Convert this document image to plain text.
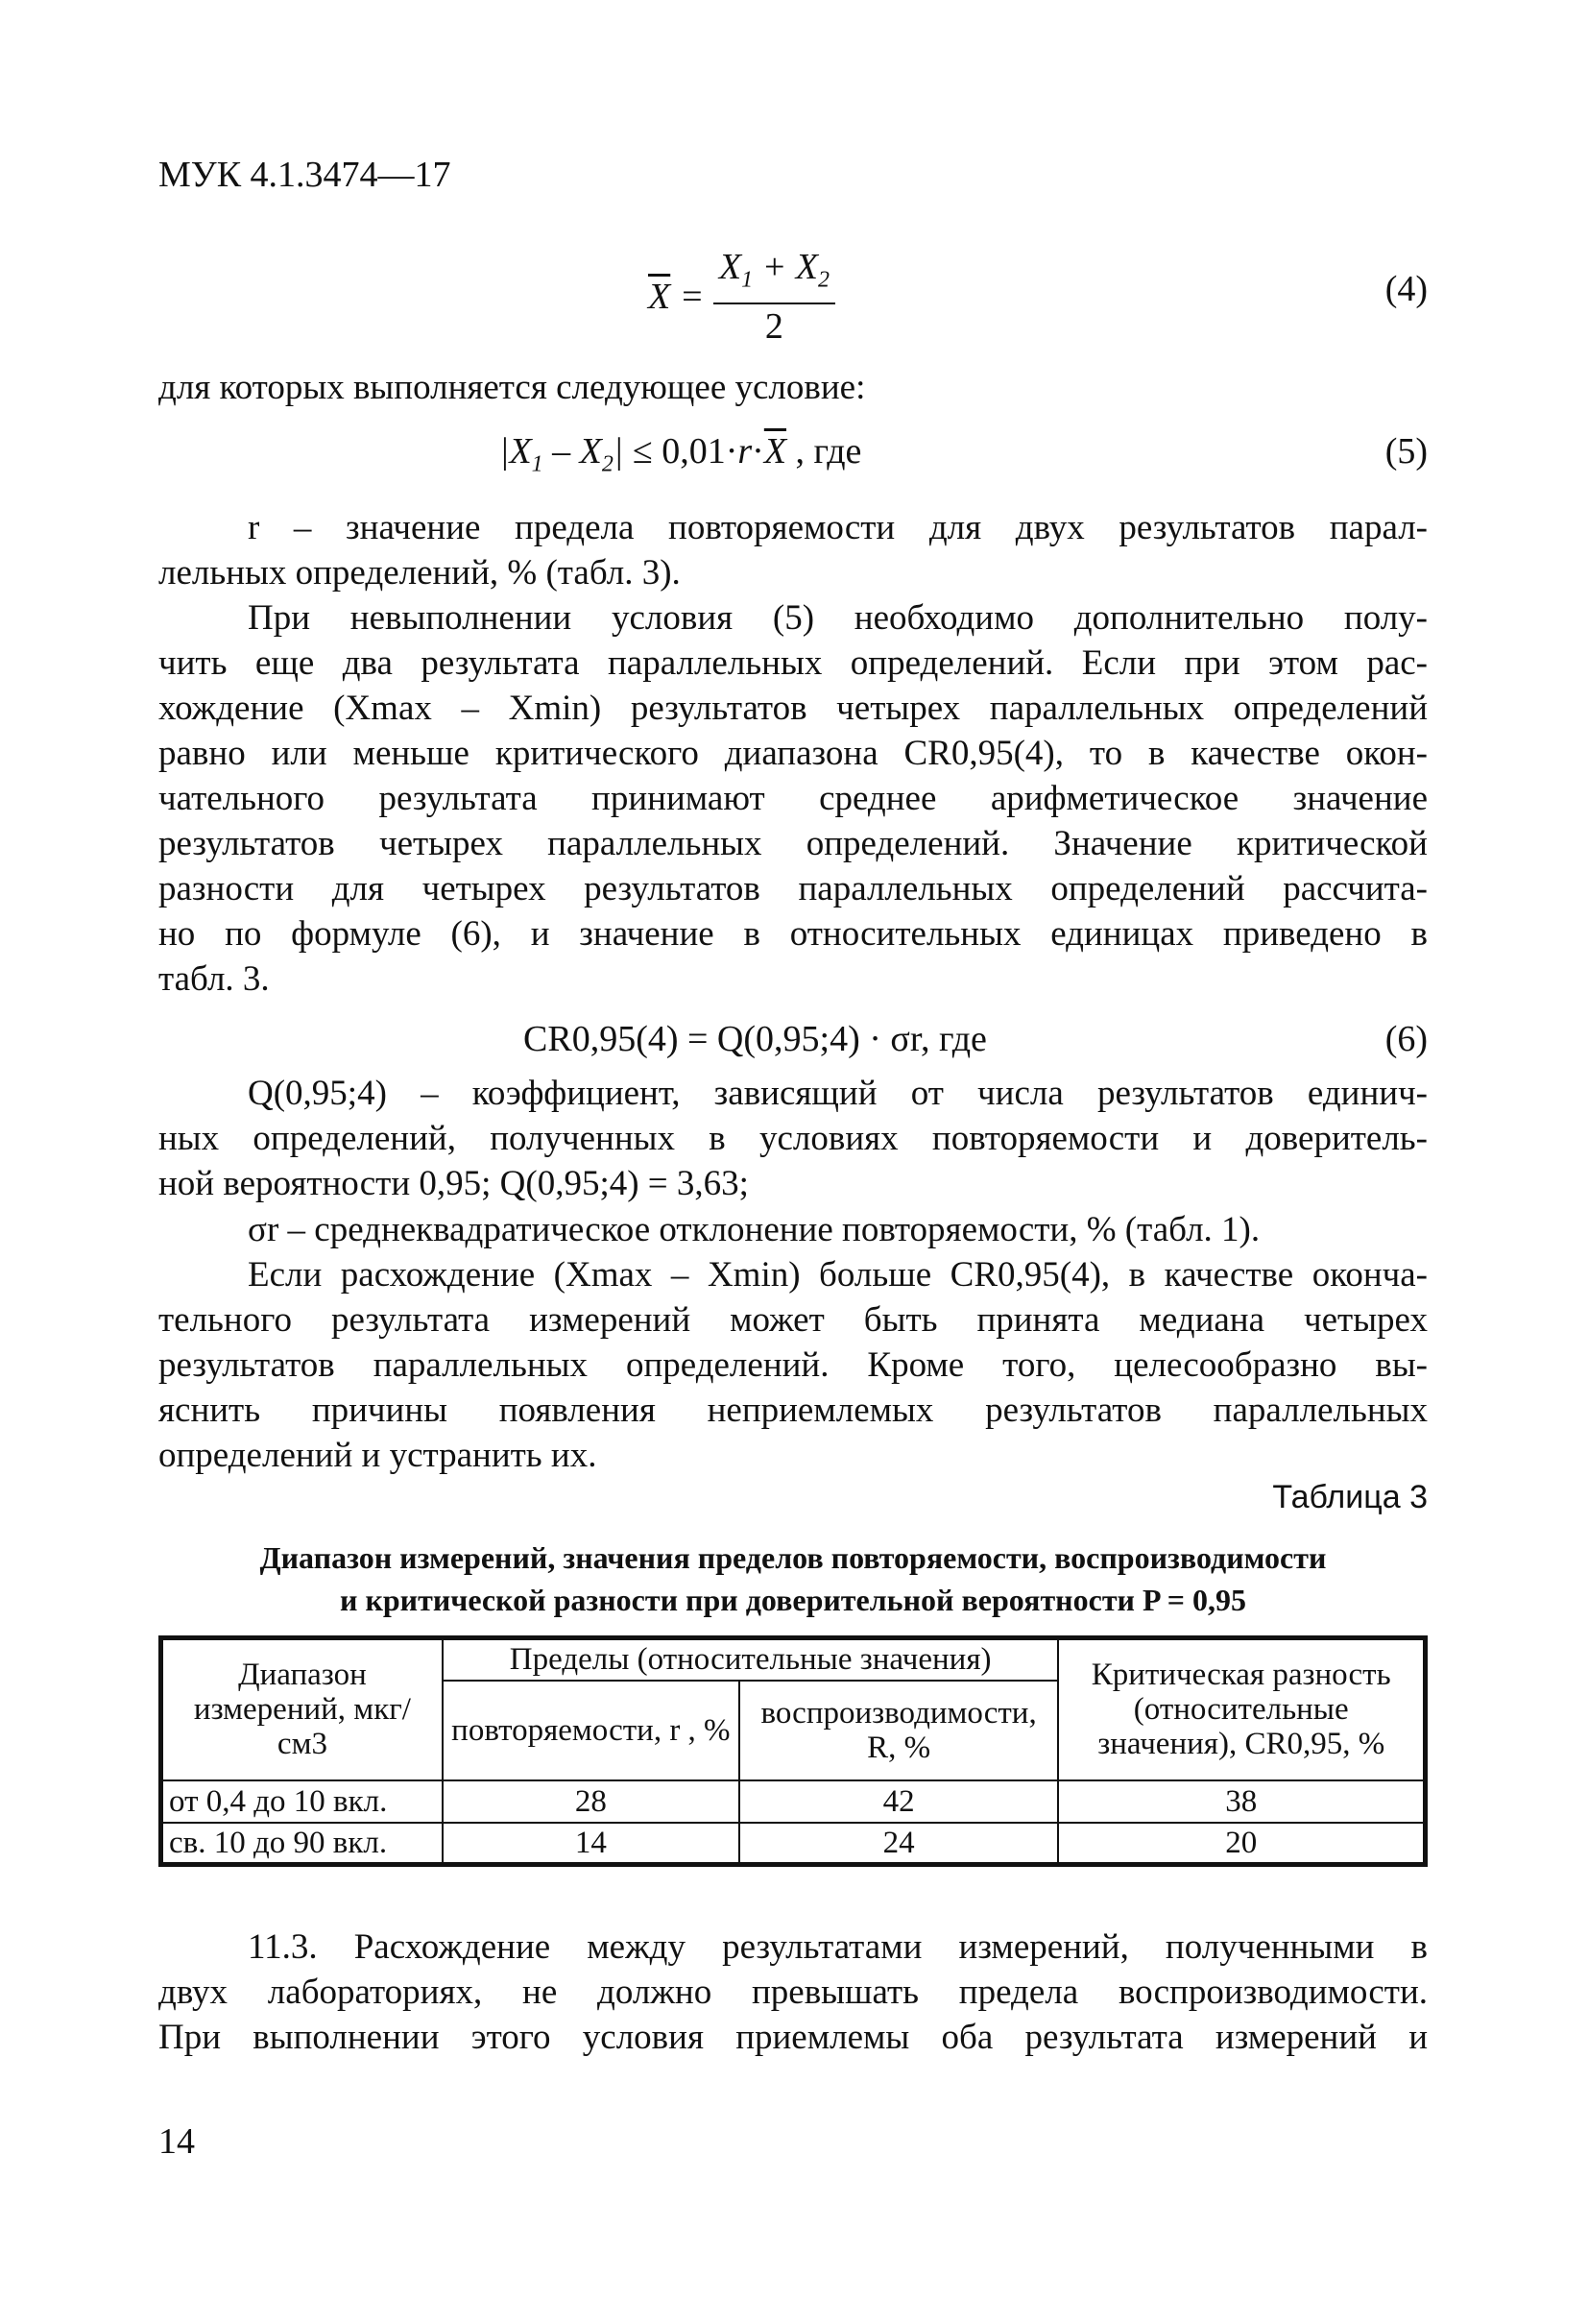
МУК 4.1.3474—17
$\overline{X} = \frac{X_1 + X_2}{2}$	(4)
для которых выполняется следующее условие:
$|X_1 - X_2| \le 0,01\cdot r\cdot\overline{X}$ , где	(5)
r – значение предела повторяемости для двух результатов парал-
лельных определений, % (табл. 3).
При невыполнении условия (5) необходимо дополнительно полу-
чить еще два результата параллельных определений. Если при этом рас-
хождение (Xmax – Xmin) результатов четырех параллельных определений
равно или меньше критического диапазона CR0,95(4), то в качестве окон-
чательного результата принимают среднее арифметическое значение
результатов четырех параллельных определений. Значение критической
разности для четырех результатов параллельных определений рассчита-
но по формуле (6), и значение в относительных единицах приведено в
табл. 3.
CR0,95(4) = Q(0,95;4) · σr, где	(6)
Q(0,95;4) – коэффициент, зависящий от числа результатов единич-
ных определений, полученных в условиях повторяемости и доверитель-
ной вероятности 0,95; Q(0,95;4) = 3,63;
σr – среднеквадратическое отклонение повторяемости, % (табл. 1).
Если расхождение (Xmax – Xmin) больше CR0,95(4), в качестве оконча-
тельного результата измерений может быть принята медиана четырех
результатов параллельных определений. Кроме того, целесообразно вы-
яснить причины появления неприемлемых результатов параллельных
определений и устранить их.
Таблица 3
Диапазон измерений, значения пределов повторяемости, воспроизводимости
и критической разности при доверительной вероятности P = 0,95
Диапазон измерений, мкг/см3	Пределы (относительные значения)		Критическая разность (относительные значения), CR0,95, %
	повторяемости, r , %	воспроизводимости, R, %	
от 0,4 до 10 вкл.	28	42	38
св. 10 до 90 вкл.	14	24	20
11.3. Расхождение между результатами измерений, полученными в
двух лабораториях, не должно превышать предела воспроизводимости.
При выполнении этого условия приемлемы оба результата измерений и
14
